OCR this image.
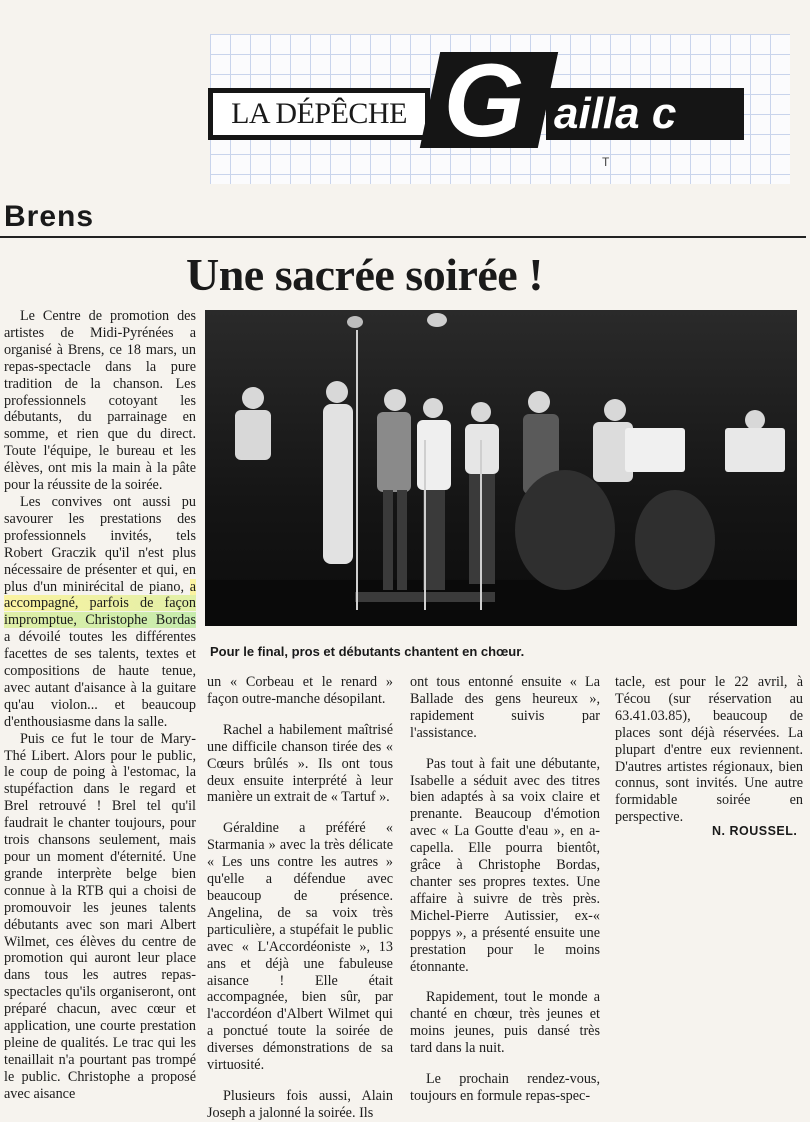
LA DÉPÊCHE G ailla c
T
Brens
Une sacrée soirée !

Le Centre de promotion des artistes de Midi-Pyrénées a organisé à Brens, ce 18 mars, un repas-spectacle dans la pure tradition de la chanson. Les professionnels cotoyant les débutants, du parrainage en somme, et rien que du direct. Toute l'équipe, le bureau et les élèves, ont mis la main à la pâte pour la réussite de la soirée.

Les convives ont aussi pu savourer les prestations des professionnels invités, tels Robert Graczik qu'il n'est plus nécessaire de présenter et qui, en plus d'un minirécital de piano, a accompagné, parfois de façon impromptue, Christophe Bordas a dévoilé toutes les différentes facettes de ses talents, textes et compositions de haute tenue, avec autant d'aisance à la guitare qu'au violon... et beaucoup d'enthousiasme dans la salle.

Puis ce fut le tour de Mary-Thé Libert. Alors pour le public, le coup de poing à l'estomac, la stupéfaction dans le regard et Brel retrouvé ! Brel tel qu'il faudrait le chanter toujours, pour trois chansons seulement, mais pour un moment d'éternité. Une grande interprète belge bien connue à la RTB qui a choisi de promouvoir les jeunes talents débutants avec son mari Albert Wilmet, ces élèves du centre de promotion qui auront leur place dans tous les autres repas-spectacles qu'ils organiseront, ont préparé chacun, avec cœur et application, une courte prestation pleine de qualités. Le trac qui les tenaillait n'a pourtant pas trompé le public. Christophe a proposé avec aisance

Pour le final, pros et débutants chantent en chœur.

un « Corbeau et le renard » façon outre-manche désopilant.

Rachel a habilement maîtrisé une difficile chanson tirée des « Cœurs brûlés ». Ils ont tous deux ensuite interprété à leur manière un extrait de « Tartuf ».

Géraldine a préféré « Starmania » avec la très délicate « Les uns contre les autres » qu'elle a défendue avec beaucoup de présence. Angelina, de sa voix très particulière, a stupéfait le public avec « L'Accordéoniste », 13 ans et déjà une fabuleuse aisance ! Elle était accompagnée, bien sûr, par l'accordéon d'Albert Wilmet qui a ponctué toute la soirée de diverses démonstrations de sa virtuosité.

Plusieurs fois aussi, Alain Joseph a jalonné la soirée. Ils

ont tous entonné ensuite « La Ballade des gens heureux », rapidement suivis par l'assistance.

Pas tout à fait une débutante, Isabelle a séduit avec des titres bien adaptés à sa voix claire et prenante. Beaucoup d'émotion avec « La Goutte d'eau », en a-capella. Elle pourra bientôt, grâce à Christophe Bordas, chanter ses propres textes. Une affaire à suivre de très près. Michel-Pierre Autissier, ex-« poppys », a présenté ensuite une prestation pour le moins étonnante.

Rapidement, tout le monde a chanté en chœur, très jeunes et moins jeunes, puis dansé très tard dans la nuit.

Le prochain rendez-vous, toujours en formule repas-spec-

tacle, est pour le 22 avril, à Técou (sur réservation au 63.41.03.85), beaucoup de places sont déjà réservées. La plupart d'entre eux reviennent. D'autres artistes régionaux, bien connus, sont invités. Une autre formidable soirée en perspective.

N. ROUSSEL.
